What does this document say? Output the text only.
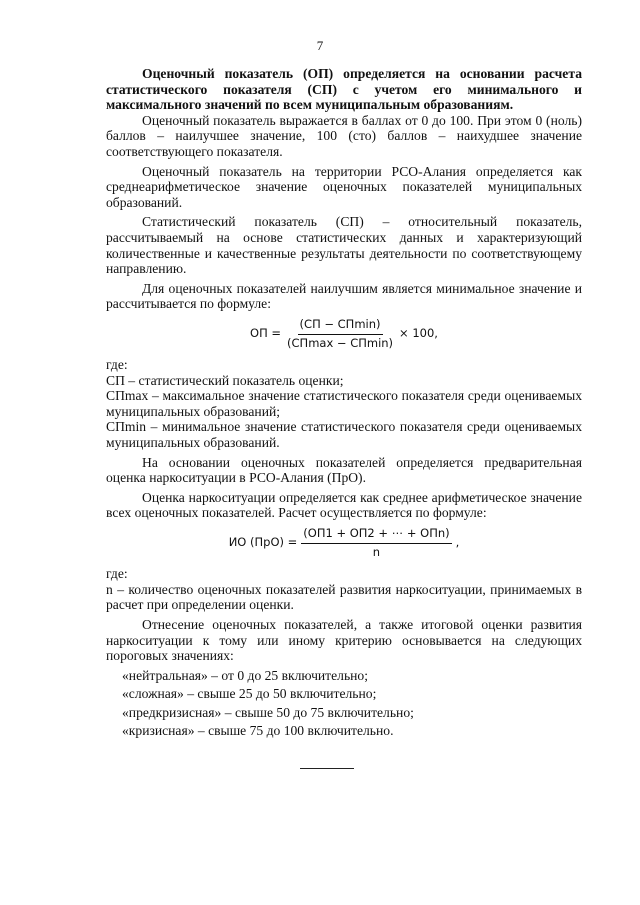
7

Оценочный показатель (ОП) определяется на основании расчета статистического показателя (СП) с учетом его минимального и максимального значений по всем муниципальным образованиям.

Оценочный показатель выражается в баллах от 0 до 100. При этом 0 (ноль) баллов – наилучшее значение, 100 (сто) баллов – наихудшее значение соответствующего показателя.

Оценочный показатель на территории РСО-Алания определяется как среднеарифметическое значение оценочных показателей муниципальных образований.

Статистический показатель (СП) – относительный показатель, рассчитываемый на основе статистических данных и характеризующий количественные и качественные результаты деятельности по соответствующему направлению.

Для оценочных показателей наилучшим является минимальное значение и рассчитывается по формуле:

ОП = $\frac{(СП - СП\min)}{(СП\max - СП\min)} \times 100$,

где:

СП – статистический показатель оценки;

СПmax – максимальное значение статистического показателя среди оцениваемых муниципальных образований;

СПmin – минимальное значение статистического показателя среди оцениваемых муниципальных образований.

На основании оценочных показателей определяется предварительная оценка наркоситуации в РСО-Алания (ПрО).

Оценка наркоситуации определяется как среднее арифметическое значение всех оценочных показателей. Расчет осуществляется по формуле:

ИО $(ПрО) = \frac{\text{(ОП1 + ОП2 + ⋯ + ОПn)}}{n}$ ,

где:

n – количество оценочных показателей развития наркоситуации, принимаемых в расчет при определении оценки.

Отнесение оценочных показателей, а также итоговой оценки развития наркоситуации к тому или иному критерию основывается на следующих пороговых значениях:

«нейтральная» – от 0 до 25 включительно;

«сложная» – свыше 25 до 50 включительно;

«предкризисная» – свыше 50 до 75 включительно;

«кризисная» – свыше 75 до 100 включительно.
